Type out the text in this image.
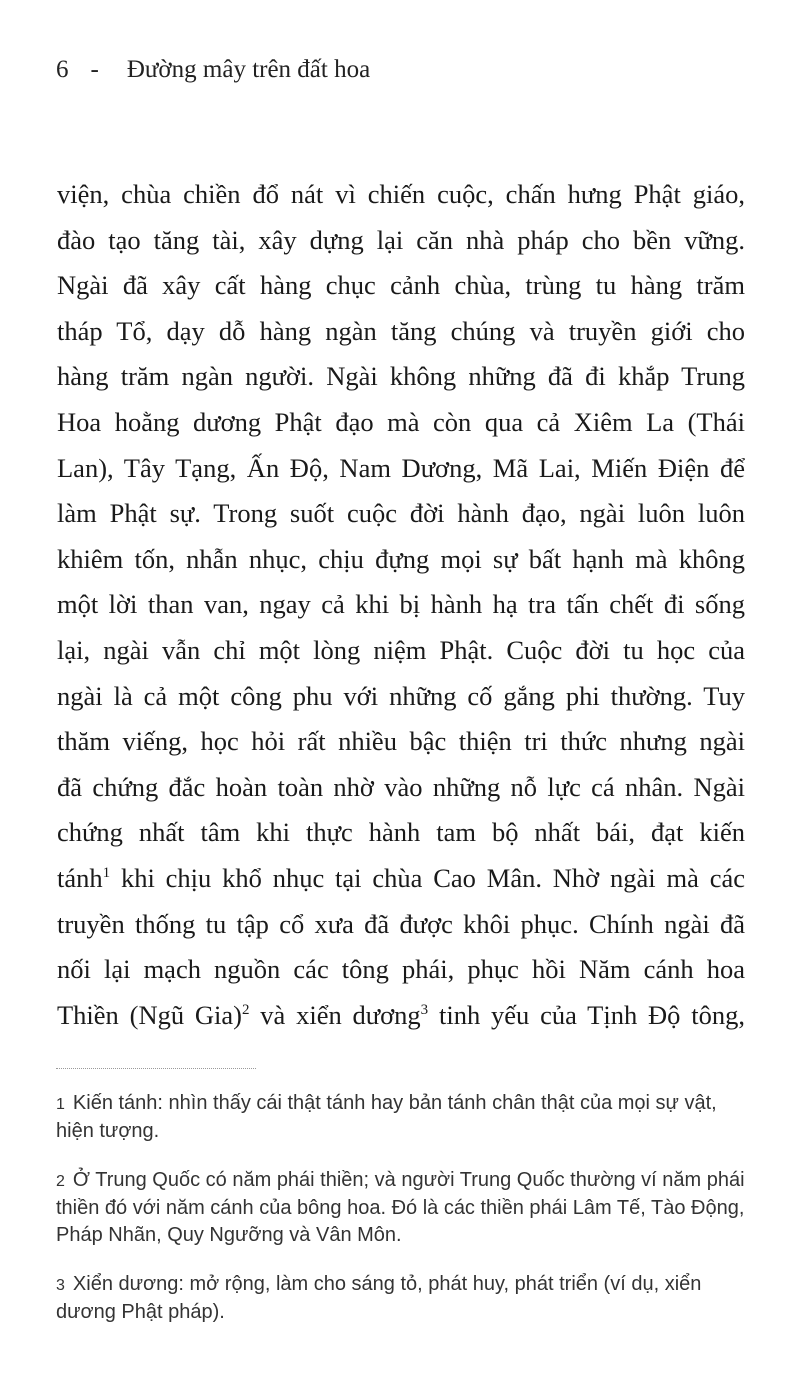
6 - Đường mây trên đất hoa
viện, chùa chiền đổ nát vì chiến cuộc, chấn hưng Phật giáo,
đào tạo tăng tài, xây dựng lại căn nhà pháp cho bền vững.
Ngài đã xây cất hàng chục cảnh chùa, trùng tu hàng trăm
tháp Tổ, dạy dỗ hàng ngàn tăng chúng và truyền giới cho
hàng trăm ngàn người. Ngài không những đã đi khắp Trung
Hoa hoằng dương Phật đạo mà còn qua cả Xiêm La (Thái
Lan), Tây Tạng, Ấn Độ, Nam Dương, Mã Lai, Miến Điện để
làm Phật sự. Trong suốt cuộc đời hành đạo, ngài luôn luôn
khiêm tốn, nhẫn nhục, chịu đựng mọi sự bất hạnh mà không
một lời than van, ngay cả khi bị hành hạ tra tấn chết đi sống
lại, ngài vẫn chỉ một lòng niệm Phật. Cuộc đời tu học của
ngài là cả một công phu với những cố gắng phi thường. Tuy
thăm viếng, học hỏi rất nhiều bậc thiện tri thức nhưng ngài
đã chứng đắc hoàn toàn nhờ vào những nỗ lực cá nhân. Ngài
chứng nhất tâm khi thực hành tam bộ nhất bái, đạt kiến
tánh$^1$ khi chịu khổ nhục tại chùa Cao Mân. Nhờ ngài mà các
truyền thống tu tập cổ xưa đã được khôi phục. Chính ngài đã
nối lại mạch nguồn các tông phái, phục hồi Năm cánh hoa
Thiền (Ngũ Gia)$^2$ và xiển dương$^3$ tinh yếu của Tịnh Độ tông,
1 Kiến tánh: nhìn thấy cái thật tánh hay bản tánh chân thật của mọi sự vật, hiện tượng.
2 Ở Trung Quốc có năm phái thiền; và người Trung Quốc thường ví năm phái thiền đó với năm cánh của bông hoa. Đó là các thiền phái Lâm Tế, Tào Động, Pháp Nhãn, Quy Ngưỡng và Vân Môn.
3 Xiển dương: mở rộng, làm cho sáng tỏ, phát huy, phát triển (ví dụ, xiển dương Phật pháp).
